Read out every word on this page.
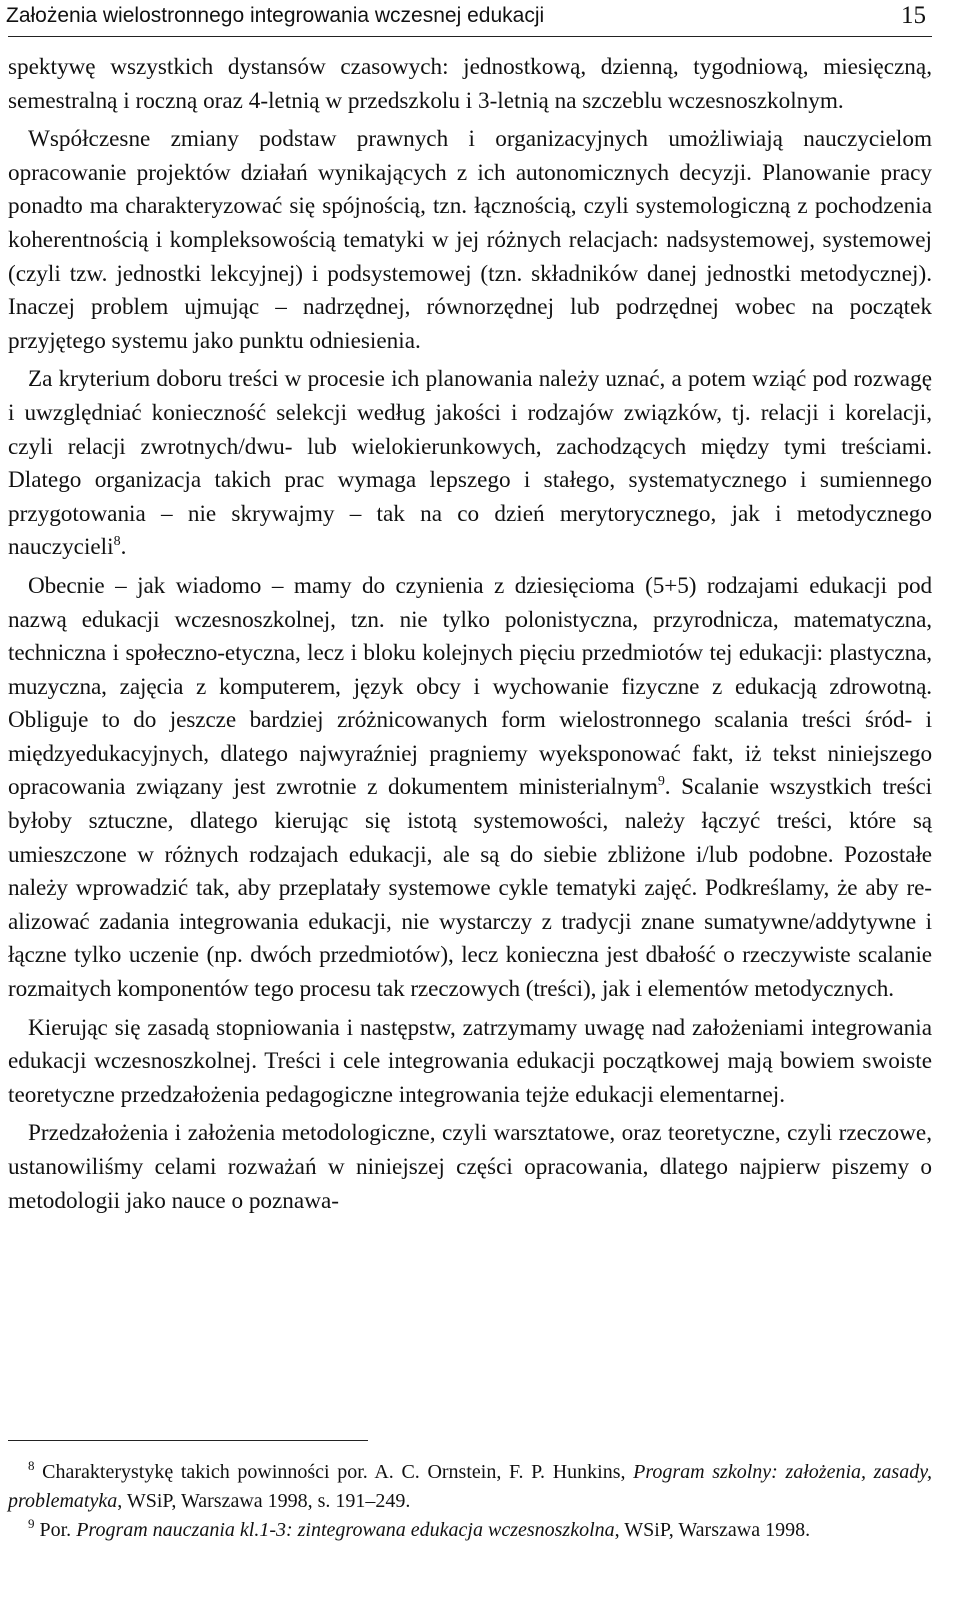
Założenia wielostronnego integrowania wczesnej edukacji	15

spektywę wszystkich dystansów czasowych: jednostkową, dzienną, tygodniową, miesięczną, semestralną i roczną oraz 4-letnią w przedszkolu i 3-letnią na szczeblu wczesnoszkolnym.

Współczesne zmiany podstaw prawnych i organizacyjnych umożliwiają nauczycielom opracowanie projektów działań wynikających z ich autonomicznych decyzji. Planowanie pracy ponadto ma charakteryzować się spójnością, tzn. łącznością, czyli systemologiczną z pochodzenia koherentnością i kompleksowością tematyki w jej różnych relacjach: nadsystemowej, systemowej (czyli tzw. jednostki lekcyjnej) i podsystemowej (tzn. składników danej jednostki metodycznej). Inaczej problem ujmując – nadrzędnej, równorzędnej lub podrzędnej wobec na początek przyjętego systemu jako punktu odniesienia.

Za kryterium doboru treści w procesie ich planowania należy uznać, a potem wziąć pod rozwagę i uwzględniać konieczność selekcji według jakości i rodzajów związków, tj. relacji i korelacji, czyli relacji zwrotnych/dwu- lub wielokierunkowych, zachodzących między tymi treściami. Dlatego organizacja takich prac wymaga lepszego i stałego, systematycznego i sumiennego przygotowania – nie skrywajmy – tak na co dzień merytorycznego, jak i metodycznego nauczycieli$^8$.

Obecnie – jak wiadomo – mamy do czynienia z dziesięcioma (5+5) rodzajami edukacji pod nazwą edukacji wczesnoszkolnej, tzn. nie tylko polonistyczna, przyrodnicza, matematyczna, techniczna i społeczno-etyczna, lecz i bloku kolejnych pięciu przedmiotów tej edukacji: plastyczna, muzyczna, zajęcia z komputerem, język obcy i wychowanie fizyczne z edukacją zdrowotną. Obliguje to do jeszcze bardziej zróżnicowanych form wielostronnego scalania treści śród- i międzyedukacyjnych, dlatego najwyraźniej pragniemy wyeksponować fakt, iż tekst niniejszego opracowania związany jest zwrotnie z dokumentem ministerialnym$^9$. Scalanie wszystkich treści byłoby sztuczne, dlatego kierując się istotą systemowości, należy łączyć treści, które są umieszczone w różnych rodzajach edukacji, ale są do siebie zbliżone i/lub podobne. Pozostałe należy wprowadzić tak, aby przeplatały systemowe cykle tematyki zajęć. Podkreślamy, że aby realizować zadania integrowania edukacji, nie wystarczy z tradycji znane sumatywne/addytywne i łączne tylko uczenie (np. dwóch przedmiotów), lecz konieczna jest dbałość o rzeczywiste scalanie rozmaitych komponentów tego procesu tak rzeczowych (treści), jak i elementów metodycznych.

Kierując się zasadą stopniowania i następstw, zatrzymamy uwagę nad założeniami integrowania edukacji wczesnoszkolnej. Treści i cele integrowania edukacji początkowej mają bowiem swoiste teoretyczne przedzałożenia pedagogiczne integrowania tejże edukacji elementarnej.

Przedzałożenia i założenia metodologiczne, czyli warsztatowe, oraz teoretyczne, czyli rzeczowe, ustanowiliśmy celami rozważań w niniejszej części opracowania, dlatego najpierw piszemy o metodologii jako nauce o poznawa-

$^8$ Charakterystykę takich powinności por. A. C. Ornstein, F. P. Hunkins, Program szkolny: założenia, zasady, problematyka, WSiP, Warszawa 1998, s. 191–249.

$^9$ Por. Program nauczania kl.1-3: zintegrowana edukacja wczesnoszkolna, WSiP, Warszawa 1998.
